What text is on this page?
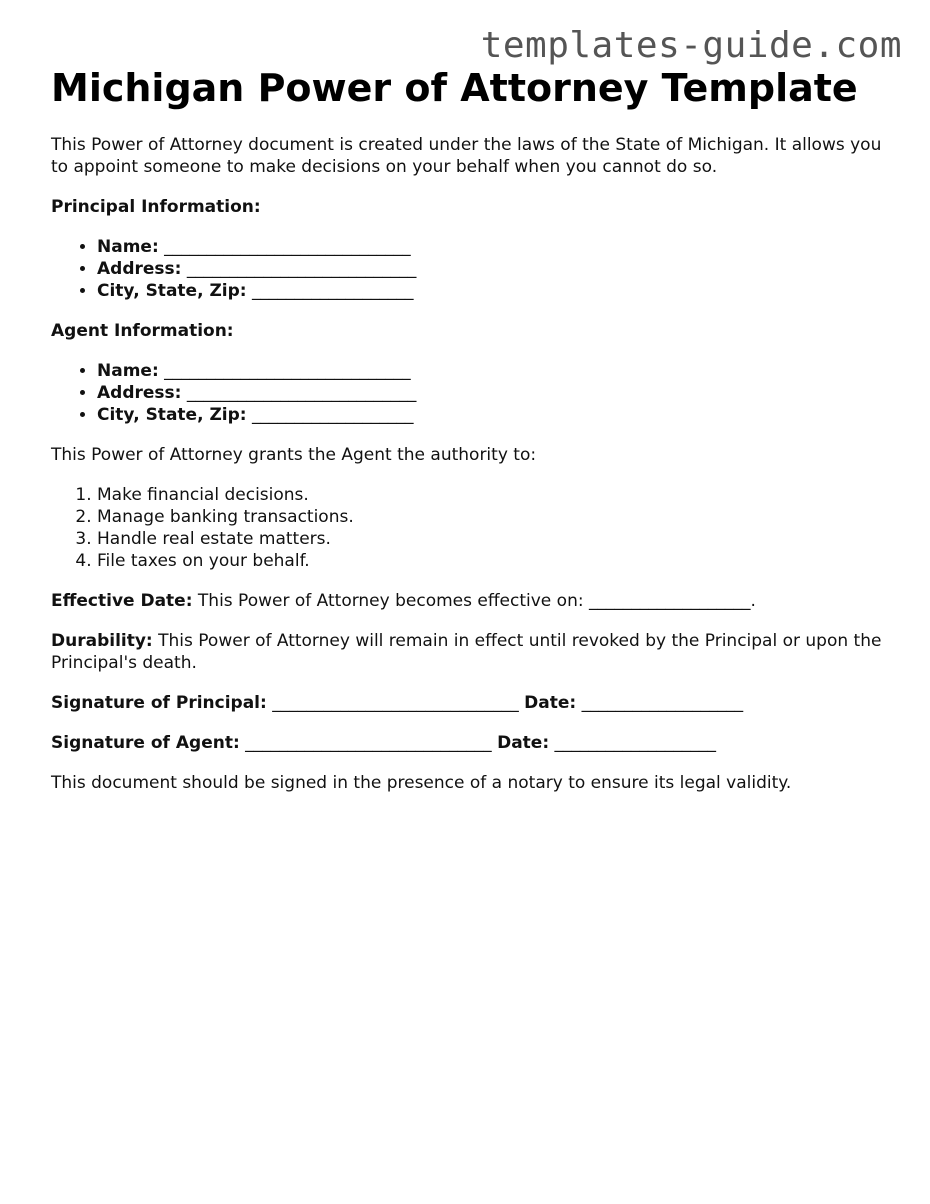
templates-guide.com
Michigan Power of Attorney Template

This Power of Attorney document is created under the laws of the State of Michigan. It allows you to appoint someone to make decisions on your behalf when you cannot do so.

Principal Information:

• Name: _____________________________
• Address: ___________________________
• City, State, Zip: ___________________

Agent Information:

• Name: _____________________________
• Address: ___________________________
• City, State, Zip: ___________________

This Power of Attorney grants the Agent the authority to:

1. Make financial decisions.
2. Manage banking transactions.
3. Handle real estate matters.
4. File taxes on your behalf.

Effective Date: This Power of Attorney becomes effective on: ___________________.

Durability: This Power of Attorney will remain in effect until revoked by the Principal or upon the Principal's death.

Signature of Principal: _____________________________ Date: ___________________

Signature of Agent: _____________________________ Date: ___________________

This document should be signed in the presence of a notary to ensure its legal validity.
